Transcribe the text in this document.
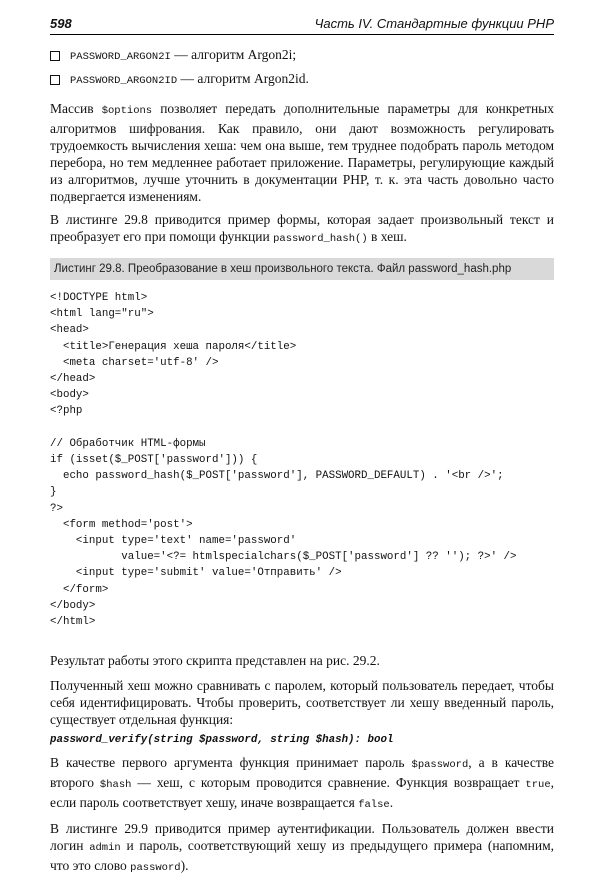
598	Часть IV. Стандартные функции PHP
PASSWORD_ARGON2I — алгоритм Argon2i;
PASSWORD_ARGON2ID — алгоритм Argon2id.

Массив $options позволяет передать дополнительные параметры для конкретных алгоритмов шифрования. Как правило, они дают возможность регулировать трудоемкость вычисления хеша: чем она выше, тем труднее подобрать пароль методом перебора, но тем медленнее работает приложение. Параметры, регулирующие каждый из алгоритмов, лучше уточнить в документации PHP, т. к. эта часть довольно часто подвергается изменениям.

В листинге 29.8 приводится пример формы, которая задает произвольный текст и преобразует его при помощи функции password_hash() в хеш.

Листинг 29.8. Преобразование в хеш произвольного текста. Файл password_hash.php
<!DOCTYPE html>
<html lang="ru">
<head>
<title>Генерация хеша пароля</title>
<meta charset='utf-8' />
</head>
<body>
<?php

// Обработчик HTML-формы
if (isset($_POST['password'])) {
echo password_hash($_POST['password'], PASSWORD_DEFAULT) . '<br />';
}
?>
<form method='post'>
<input type='text' name='password'
value='<?= htmlspecialchars($_POST['password'] ?? ''); ?>' />
<input type='submit' value='Отправить' />
</form>
</body>
</html>

Результат работы этого скрипта представлен на рис. 29.2.

Полученный хеш можно сравнивать с паролем, который пользователь передает, чтобы себя идентифицировать. Чтобы проверить, соответствует ли хешу введенный пароль, существует отдельная функция:

password_verify(string $password, string $hash): bool

В качестве первого аргумента функция принимает пароль $password, а в качестве второго $hash — хеш, с которым проводится сравнение. Функция возвращает true, если пароль соответствует хешу, иначе возвращается false.

В листинге 29.9 приводится пример аутентификации. Пользователь должен ввести логин admin и пароль, соответствующий хешу из предыдущего примера (напомним, что это слово password).
